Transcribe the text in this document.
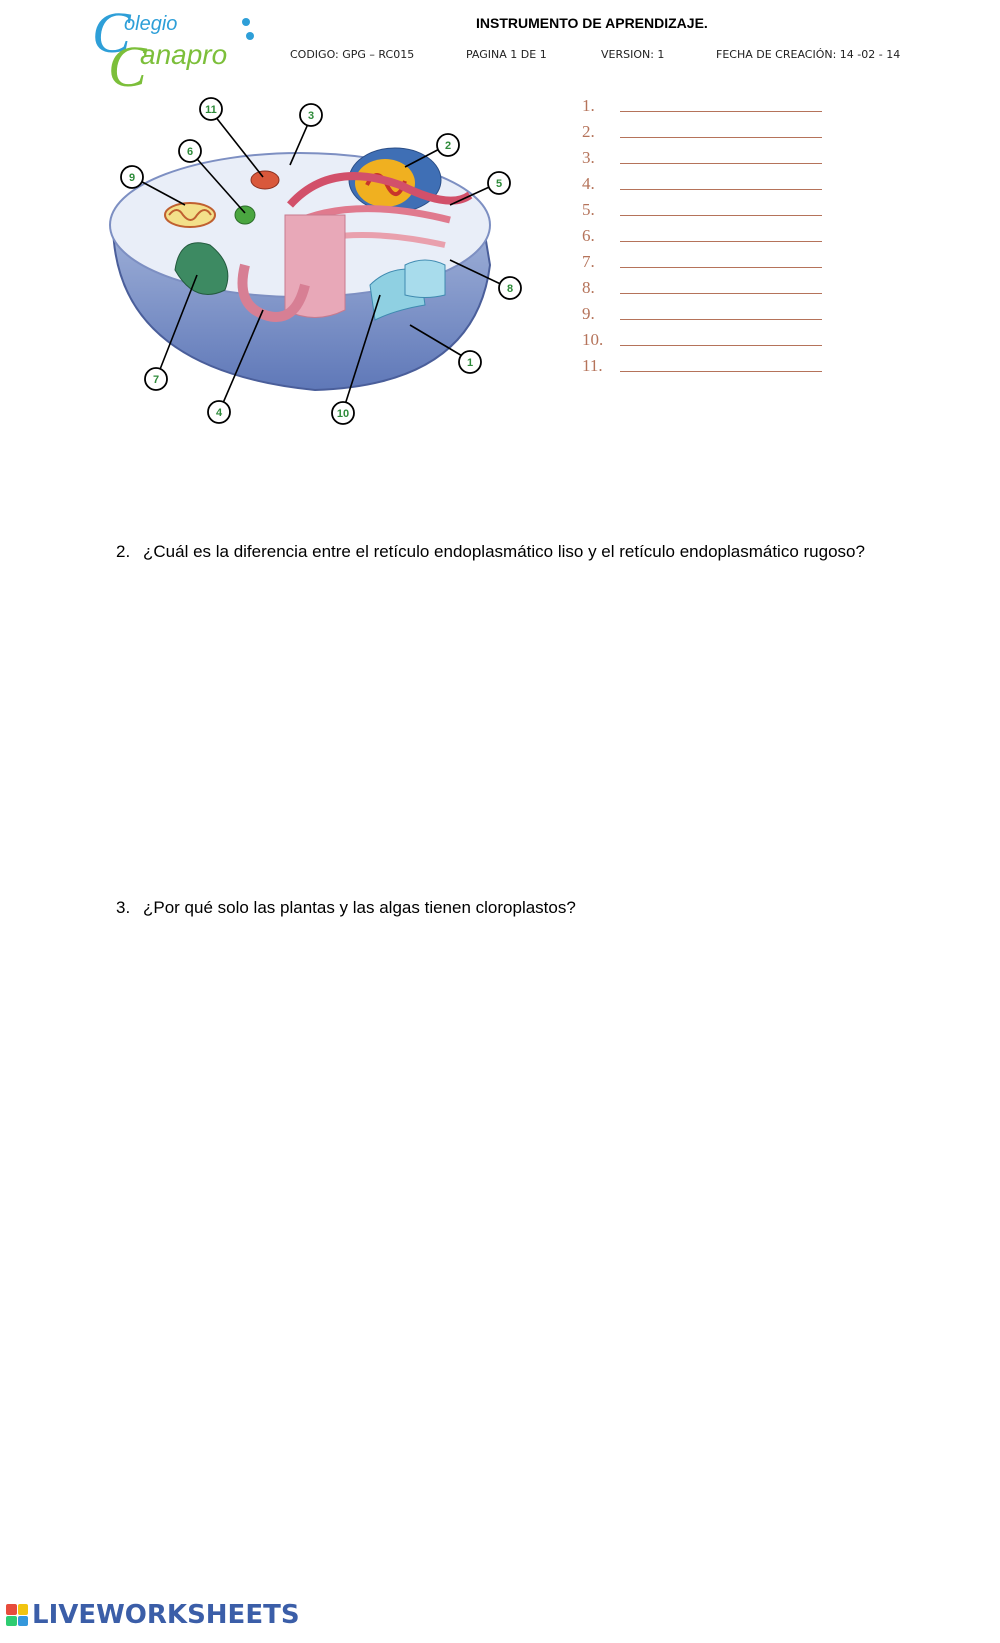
C
olegio
C
anapro
INSTRUMENTO DE APRENDIZAJE.
CODIGO: GPG – RC015	PAGINA 1 DE 1	VERSION: 1	FECHA DE CREACIÓN: 14 -02 - 14
11	3
6
9
2
5
8
1
7
4	10
1.
2.
3.
4.
5.
6.
7.
8.
9.
10.
11.
2. ¿Cuál es la diferencia entre el retículo endoplasmático liso y el retículo endoplasmático rugoso?
3. ¿Por qué solo las plantas y las algas tienen cloroplastos?
LIVEWORKSHEETS
